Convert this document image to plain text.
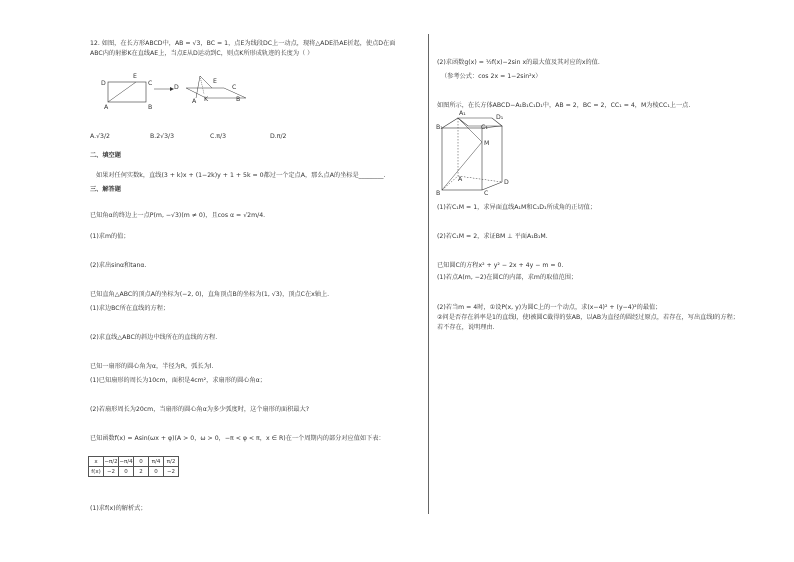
12. 如图，在长方形ABCD中，AB = √3，BC = 1，点E为线段DC上一动点，现将△ADE沿AE折起，使点D在面
ABC内的射影K在直线AE上，当点E从D运动到C，则点K所形成轨迹的长度为（ ）
D
E
C
A	B
D
E
C
A K	B
A.√3/2	B.2√3/3	C.π/3	D.π/2
二、填空题
如果对任何实数k，直线(3 + k)x + (1−2k)y + 1 + 5k = 0都过一个定点A，那么点A的坐标是________.
三、解答题
已知角α的终边上一点P(m, −√3)(m ≠ 0)，且cos α = √2m/4.
(1)求m的值；
(2)求出sinα和tanα.
已知直角△ABC的顶点A的坐标为(−2, 0)，直角顶点B的坐标为(1, √3)，顶点C在x轴上.
(1)求边BC所在直线的方程；
(2)求直线△ABC的斜边中线所在的直线的方程.
已知一扇形的圆心角为α，半径为R，弧长为l.
(1)已知扇形的周长为10cm，面积是4cm²，求扇形的圆心角α；
(2)若扇形周长为20cm，当扇形的圆心角α为多少弧度时，这个扇形的面积最大?
已知函数f(x) = Asin(ωx + φ)(A > 0，ω > 0，−π < φ < π，x ∈ R)在一个周期内的部分对应值如下表：
x	−π/2	−π/4	0	π/4	π/2
f(x)	−2	0	2	0	−2
(1)求f(x)的解析式；
(2)求函数g(x) = ½f(x)−2sin x的最大值及其对应的x的值.
（参考公式：cos 2x = 1−2sin²x）
如图所示，在长方体ABCD−A₁B₁C₁D₁中，AB = 2，BC = 2，CC₁ = 4，M为棱CC₁上一点.
A₁
D₁
B₁	C₁
M
A	D
B	C
(1)若C₁M = 1，求异面直线A₁M和C₁D₁所成角的正切值；
(2)若C₁M = 2，求证BM ⊥ 平面A₁B₁M.
已知圆C的方程x² + y² − 2x + 4y − m = 0.
(1)若点A(m, −2)在圆C的内部，求m的取值范围；
(2)若当m = 4时，①设P(x, y)为圆C上的一个动点，求(x−4)² + (y−4)²的最值；
②问是否存在斜率是1的直线l，使l被圆C截得的弦AB，以AB为直径的圆经过原点，若存在，写出直线l的方程；
若不存在，说明理由.
